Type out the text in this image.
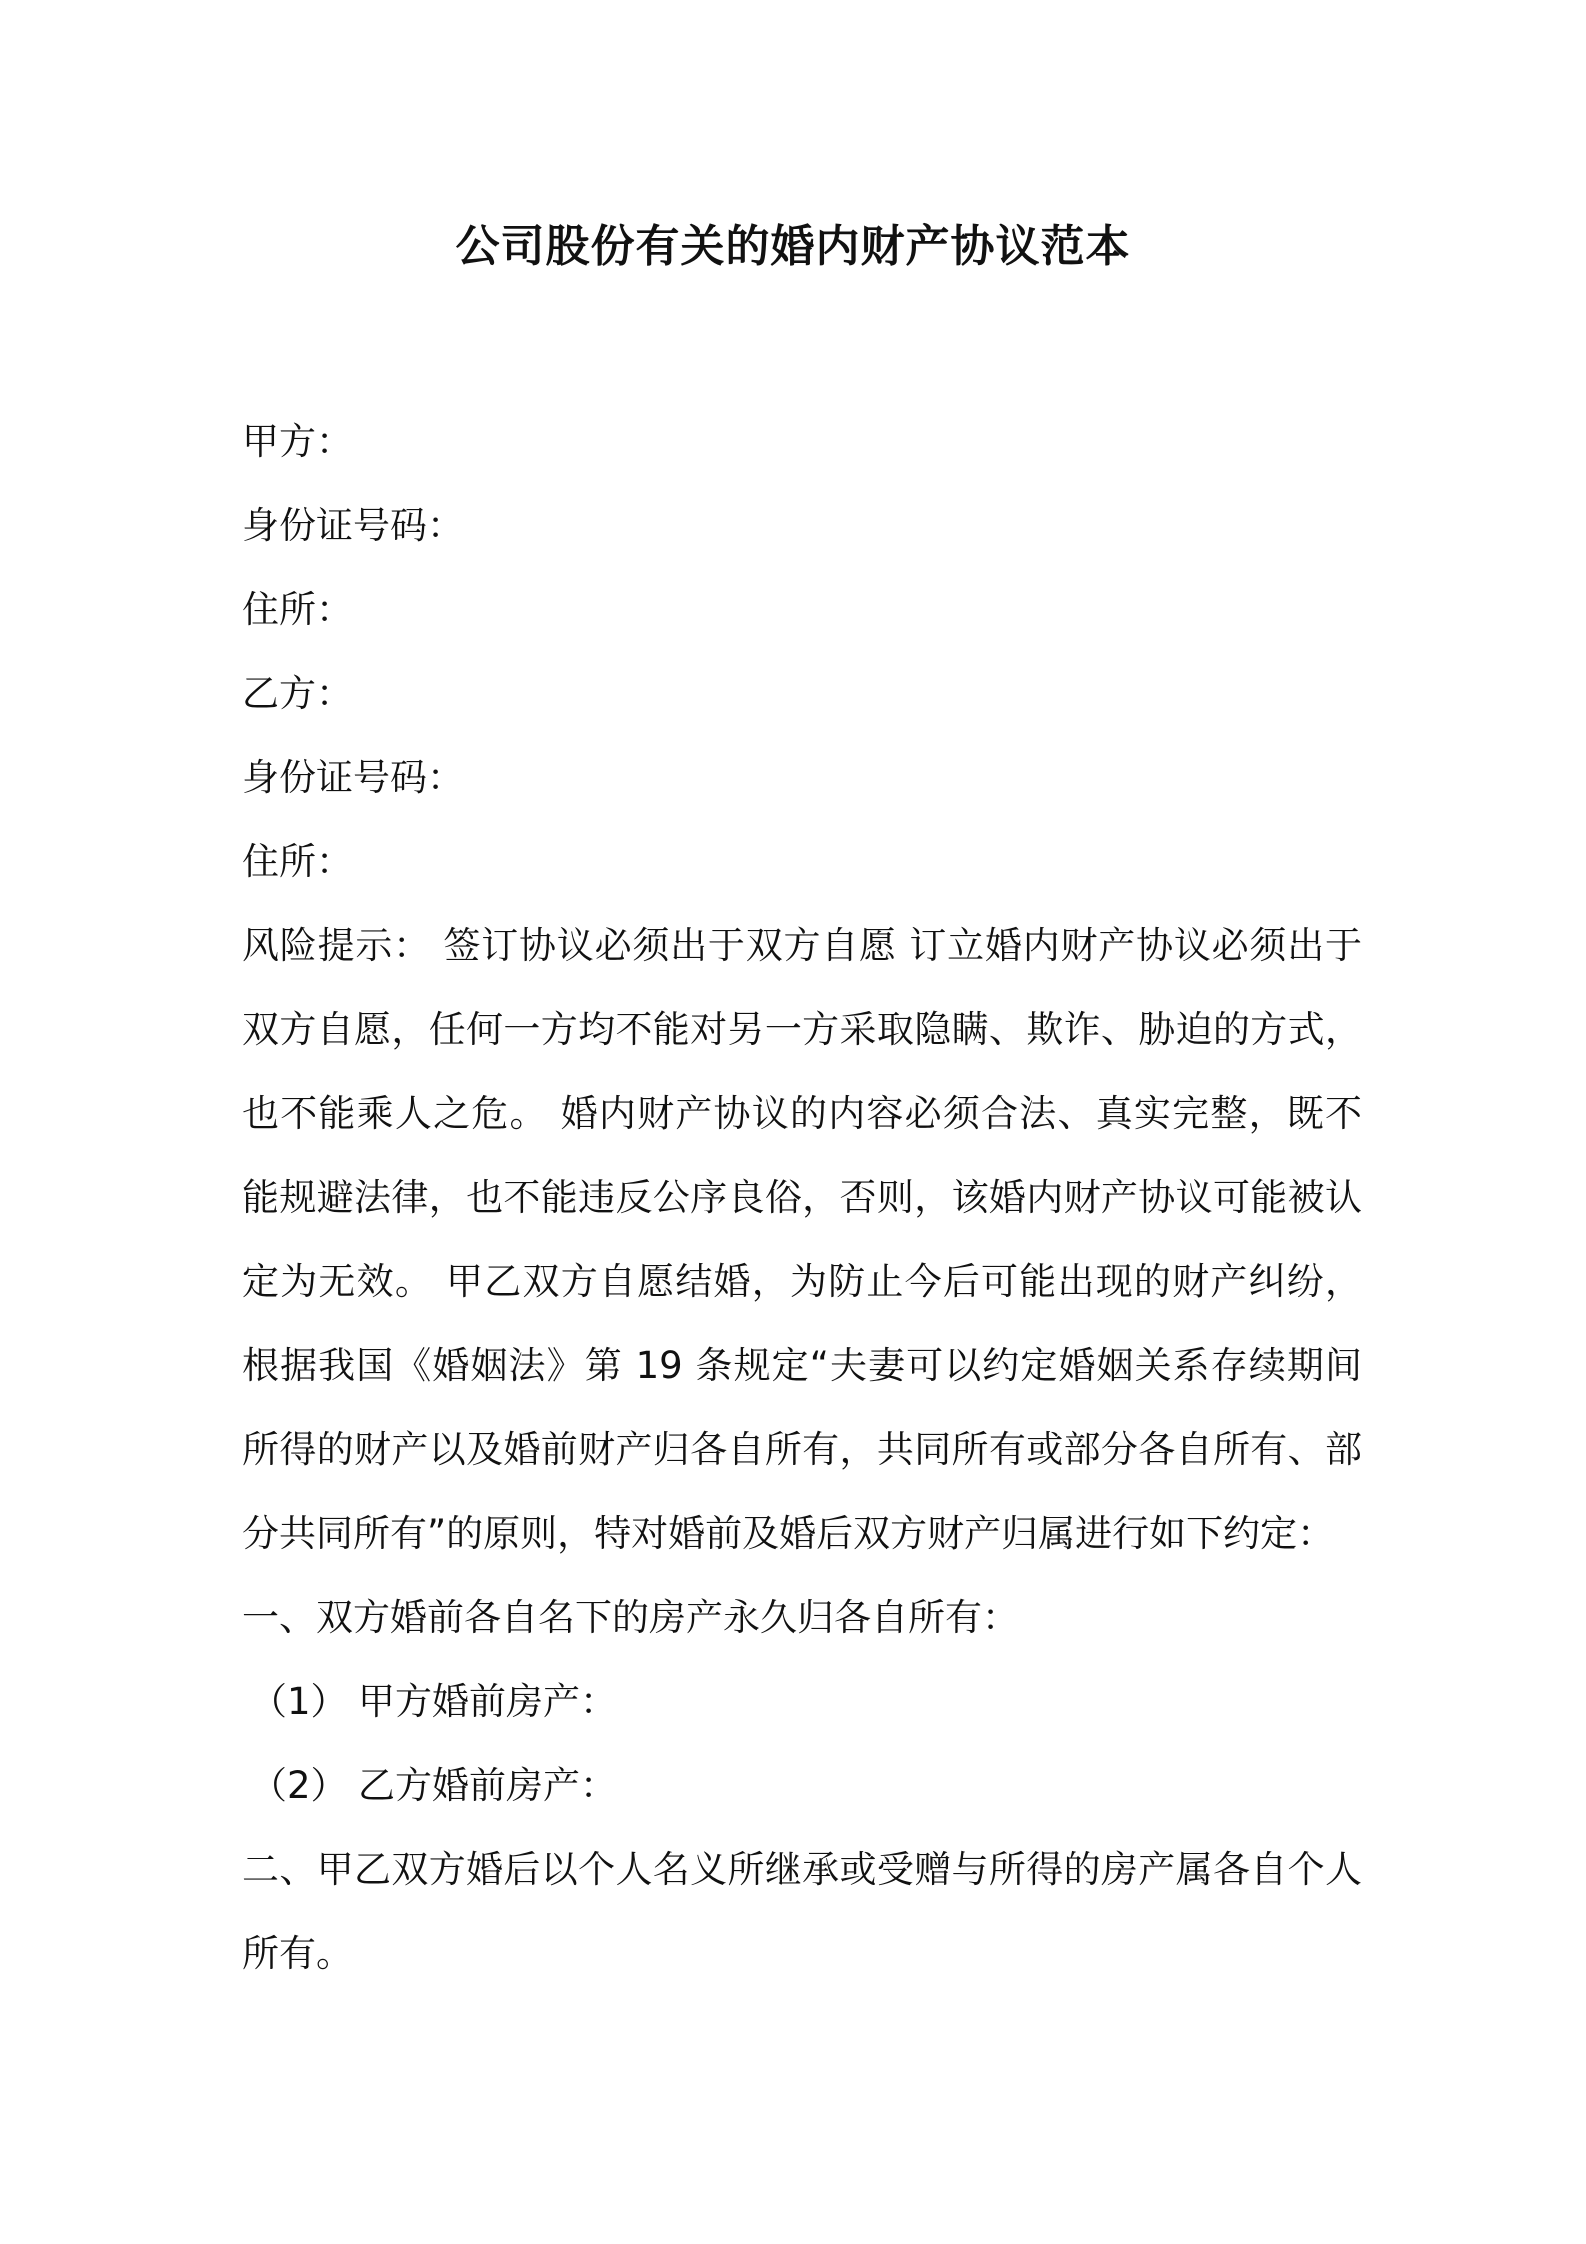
公司股份有关的婚内财产协议范本
甲方：
身份证号码：
住所：
乙方：
身份证号码：
住所：

风险提示： 签订协议必须出于双方自愿 订立婚内财产协议必须出于双方自愿，任何一方均不能对另一方采取隐瞒、欺诈、胁迫的方式，也不能乘人之危。 婚内财产协议的内容必须合法、真实完整，既不能规避法律，也不能违反公序良俗，否则，该婚内财产协议可能被认定为无效。 甲乙双方自愿结婚，为防止今后可能出现的财产纠纷，根据我国《婚姻法》第 19 条规定“夫妻可以约定婚姻关系存续期间所得的财产以及婚前财产归各自所有，共同所有或部分各自所有、部分共同所有”的原则，特对婚前及婚后双方财产归属进行如下约定：

一、双方婚前各自名下的房产永久归各自所有：
（1） 甲方婚前房产：
（2） 乙方婚前房产：

二、甲乙双方婚后以个人名义所继承或受赠与所得的房产属各自个人所有。
